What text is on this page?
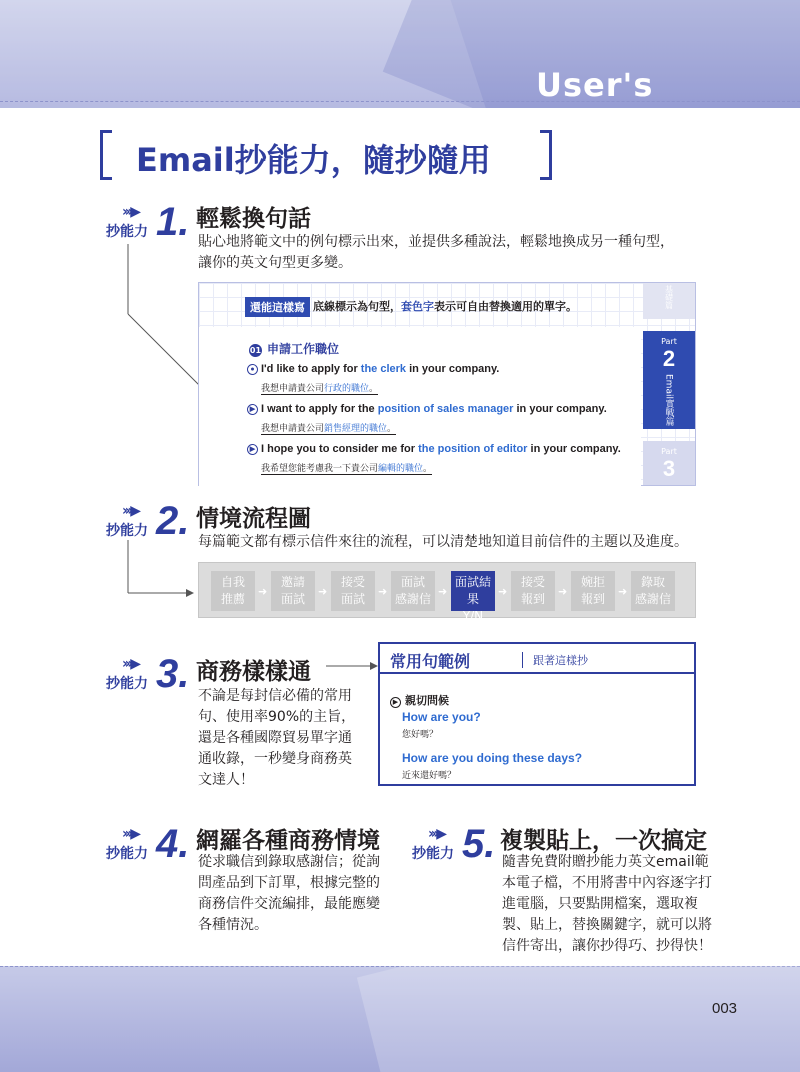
User's Guide
Email抄能力，隨抄隨用
›››▶
抄能力 1. 輕鬆換句話
貼心地將範文中的例句標示出來，並提供多種說法，輕鬆地換成另一種句型，
讓你的英文句型更多變。
還能這樣寫 底線標示為句型，套色字表示可自由替換適用的單字。
01 申請工作職位
● I'd like to apply for the clerk in your company.
我想申請貴公司行政的職位。
▶ I want to apply for the position of sales manager in your company.
我想申請貴公司銷售經理的職位。
▶ I hope you to consider me for the position of editor in your company.
我希望您能考慮我一下貴公司編輯的職位。
基礎篇
Part
2
Email實戰篇
Part
3
›››▶
抄能力 2. 情境流程圖
每篇範文都有標示信件來往的流程，可以清楚地知道目前信件的主題以及進度。
自我
推薦
➜
邀請
面試
➜
接受
面試
➜
面試
感謝信
➜
面試結果
Y/N
➜
接受
報到
➜
婉拒
報到
➜
錄取
感謝信
›››▶
抄能力 3. 商務樣樣通
不論是每封信必備的常用
句、使用率90%的主旨，
還是各種國際貿易單字通
通收錄，一秒變身商務英
文達人！
常用句範例	跟著這樣抄
▶ 親切問候
How are you?
您好嗎？
How are you doing these days?
近來還好嗎？
›››▶
抄能力 4. 網羅各種商務情境
從求職信到錄取感謝信；從詢
問產品到下訂單，根據完整的
商務信件交流編排，最能應變
各種情況。
›››▶
抄能力 5. 複製貼上，一次搞定
隨書免費附贈抄能力英文email範
本電子檔，不用將書中內容逐字打
進電腦，只要點開檔案，選取複
製、貼上，替換關鍵字，就可以將
信件寄出，讓你抄得巧、抄得快！
003
